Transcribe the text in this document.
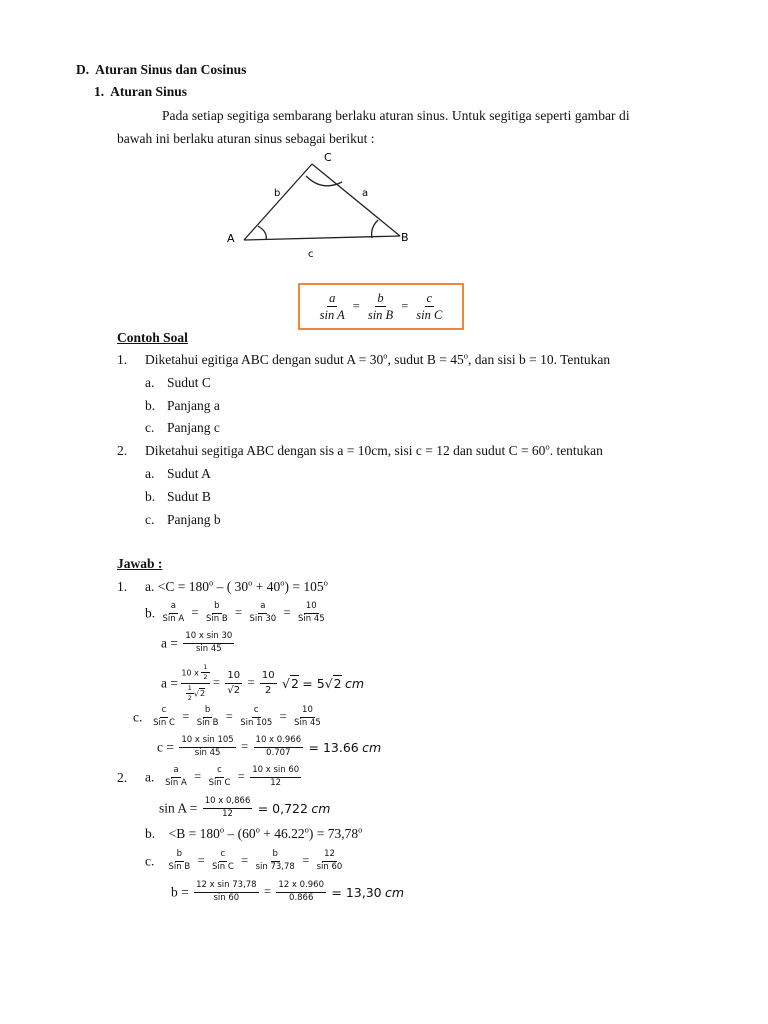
D. Aturan Sinus dan Cosinus
1. Aturan Sinus
Pada setiap segitiga sembarang berlaku aturan sinus. Untuk segitiga seperti gambar di
bawah ini berlaku aturan sinus sebagai berikut :
C
A	B
b	a
c
$\frac{a}{\text{sin A}} = \frac{b}{\text{sin B}} = \frac{c}{\text{sin C}}$
Contoh Soal
1. Diketahui egitiga ABC dengan sudut $A = 30^o$, sudut $B = 45^o$, dan sisi b = 10. Tentukan
a. Sudut C
b. Panjang a
c. Panjang c
2. Diketahui segitiga ABC dengan sis a = 10cm, sisi c = 12 dan sudut $C = 60^o$. tentukan
a. Sudut A
b. Sudut B
c. Panjang b
Jawab :
1. a. $<C = 180^o$ – ( $30^o + 40^o) = 105^o$
b. $\frac{a}{\text{Sin A}} = \frac{b}{\text{Sin B}} = \frac{a}{\text{Sin 30}} = \frac{10}{\text{Sin 45}}$
$a = \frac{\text{10 x sin 30}}{\sin 45}$
$a = \frac{10 x \frac{1}{2}}{\frac{1}{2} √2} = \frac{10}{√2} = \frac{10}{2} √2 = 5√2$ cm
c. $\frac{c}{\text{Sin C}} = \frac{b}{\text{Sin B}} = \frac{c}{\text{Sin 105}} = \frac{10}{\text{Sin 45}}$
$c = \frac{\text{10 x sin 105}}{\sin 45} = \frac{10 x 0.966}{0.707} = 13.66$ cm
2. a. $\frac{a}{\text{Sin A}} = \frac{c}{\text{Sin C}} = \frac{\text{10 x sin 60}}{12}$
$\sin A = \frac{10 x 0,866}{12} = 0,722$ cm
b. $<B = 180^o - (60^o + 46.22^o) = 73,78^o$
c. $\frac{b}{\text{Sin B}} = \frac{c}{\text{Sin C}} = \frac{b}{\sin 73,78} = \frac{12}{\sin 60}$
$b = \frac{\text{12 x sin 73,78}}{\sin 60} = \frac{12 x 0.960}{0.866} = 13,30$ cm
